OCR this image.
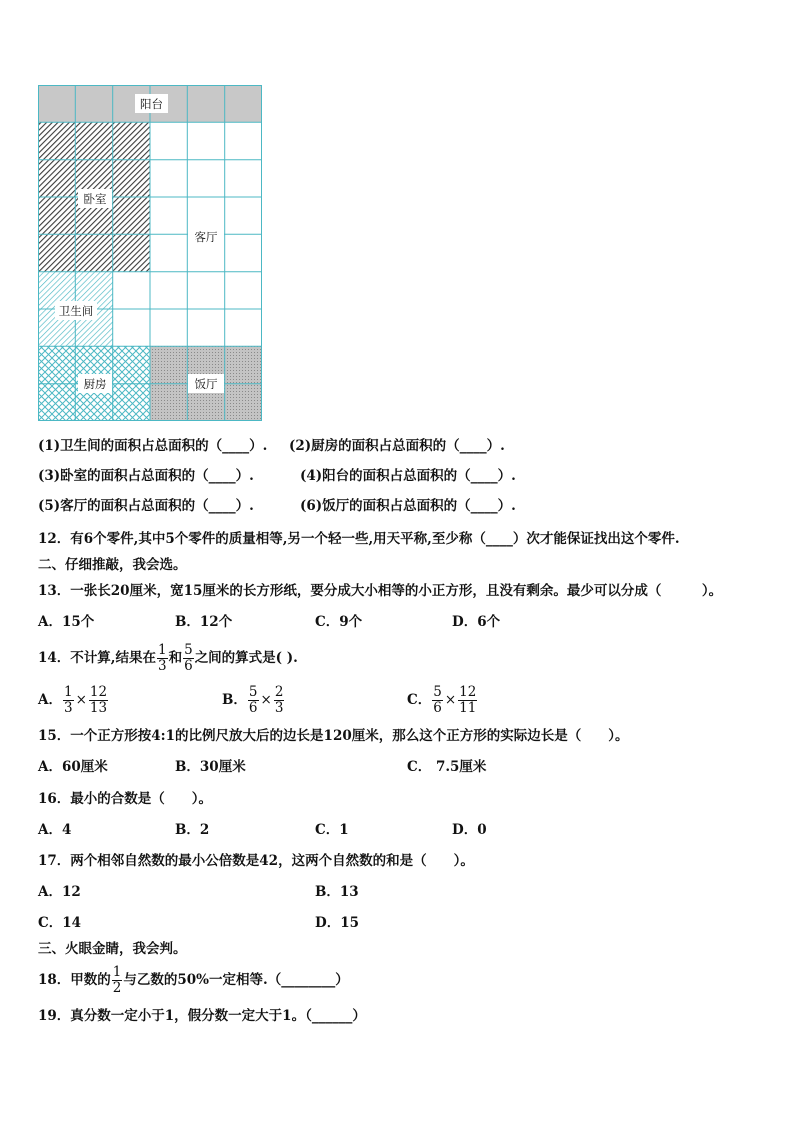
阳台
卧室
客厅
卫生间
厨房	饭厅
(1)卫生间的面积占总面积的（____）. (2)厨房的面积占总面积的（____）.
(3)卧室的面积占总面积的（____）.	(4)阳台的面积占总面积的（____）.
(5)客厅的面积占总面积的（____）.	(6)饭厅的面积占总面积的（____）.
12．有6个零件,其中5个零件的质量相等,另一个轻一些,用天平称,至少称（____）次才能保证找出这个零件.
二、仔细推敲，我会选。
13．一张长20厘米，宽15厘米的长方形纸，要分成大小相等的小正方形，且没有剩余。最少可以分成（　　　）。
A．15个	B．12个	C．9个	D．6个
14．不计算,结果在 $\frac{1}{3}$ 和 $\frac{5}{6}$ 之间的算式是( ).
A． $\frac{1}{3} \times \frac{12}{13}$	B． $\frac{5}{6} \times \frac{2}{3}$	C． $\frac{5}{6} \times \frac{12}{11}$
15．一个正方形按4:1的比例尺放大后的边长是120厘米，那么这个正方形的实际边长是（　　）。
A．60厘米	B．30厘米	C． 7.5厘米
16．最小的合数是（　　）。
A．4	B．2	C．1	D．0
17．两个相邻自然数的最小公倍数是42，这两个自然数的和是（　　）。
A．12	B．13
C．14	D．15
三、火眼金睛，我会判。
18．甲数的 $\frac{1}{2}$ 与乙数的50%一定相等.（________）
19．真分数一定小于1，假分数一定大于1。（______）
